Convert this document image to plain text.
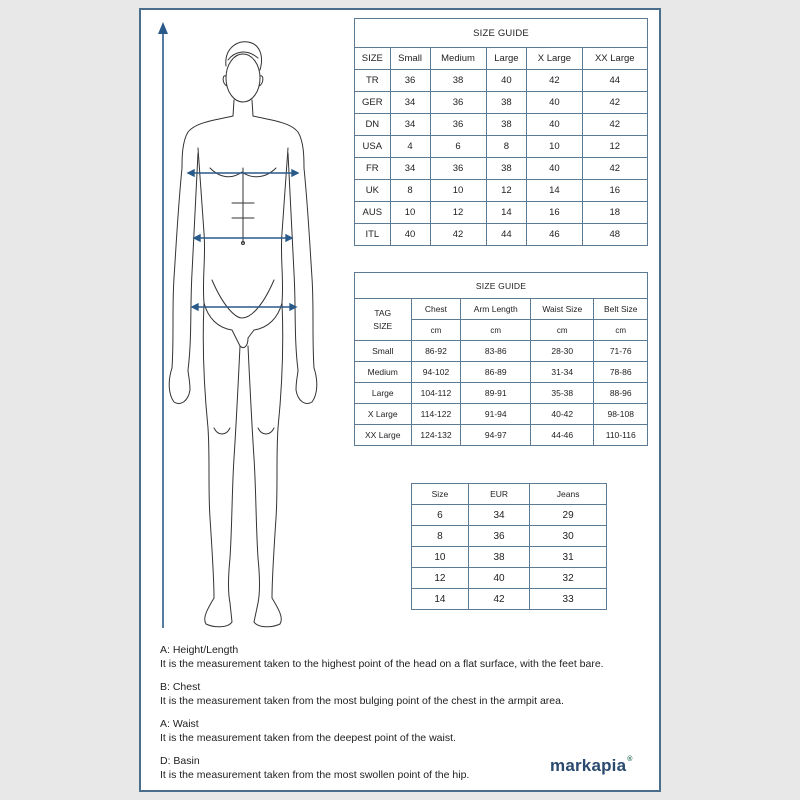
SIZE GUIDE					
SIZE	Small	Medium	Large	X Large	XX Large
TR	36	38	40	42	44
GER	34	36	38	40	42
DN	34	36	38	40	42
USA	4	6	8	10	12
FR	34	36	38	40	42
UK	8	10	12	14	16
AUS	10	12	14	16	18
ITL	40	42	44	46	48
SIZE GUIDE				
TAG
SIZE	Chest	Arm Length	Waist Size	Belt Size
	cm	cm	cm	cm
Small	86-92	83-86	28-30	71-76
Medium	94-102	86-89	31-34	78-86
Large	104-112	89-91	35-38	88-96
X Large	114-122	91-94	40-42	98-108
XX Large	124-132	94-97	44-46	110-116
Size	EUR	Jeans
6	34	29
8	36	30
10	38	31
12	40	32
14	42	33

A: Height/Length
It is the measurement taken to the highest point of the head on a flat surface, with the feet bare.

B: Chest
It is the measurement taken from the most bulging point of the chest in the armpit area.

A: Waist
It is the measurement taken from the deepest point of the waist.

D: Basin
It is the measurement taken from the most swollen point of the hip.	markapia®
